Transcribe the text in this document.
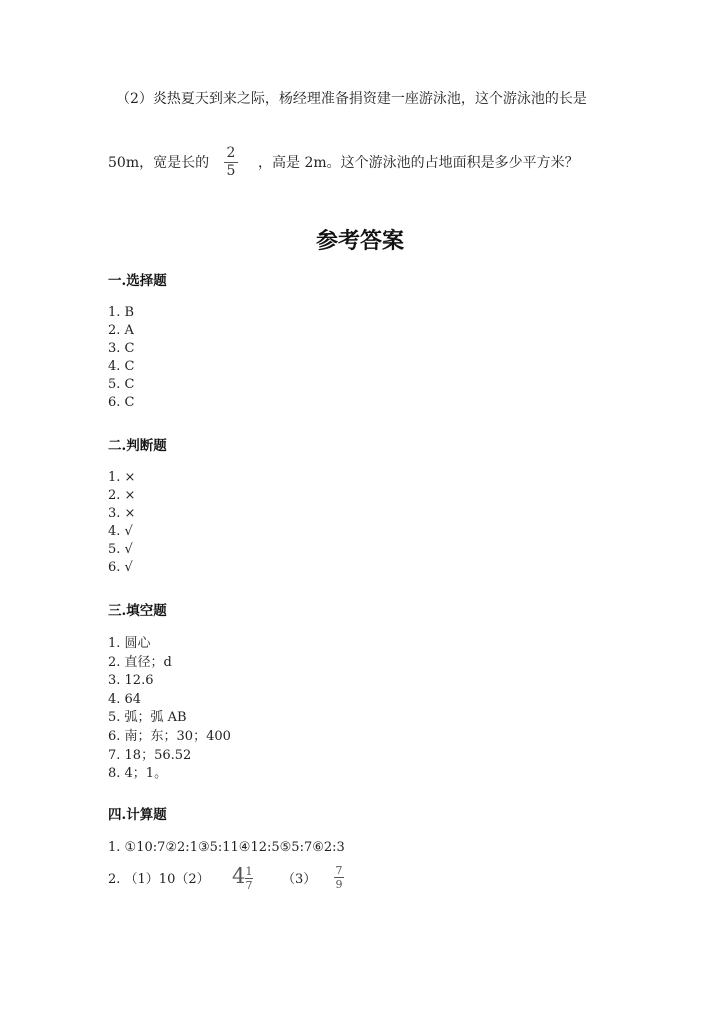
（2）炎热夏天到来之际，杨经理准备捐资建一座游泳池，这个游泳池的长是
50m，宽是长的
2
5 ，高是 2m。这个游泳池的占地面积是多少平方米？
参考答案
一.选择题
1. B
2. A
3. C
4. C
5. C
6. C
二.判断题
1. ×
2. ×
3. ×
4. √
5. √
6. √
三.填空题
1. 圆心
2. 直径；d
3. 12.6
4. 64
5. 弧；弧 AB
6. 南；东；30；400
7. 18；56.52
8. 4；1。
四.计算题
1. ①10:7②2:1③5:11④12:5⑤5:7⑥2:3
2. （1）10（2） 4 1
7 （3）
7
9
